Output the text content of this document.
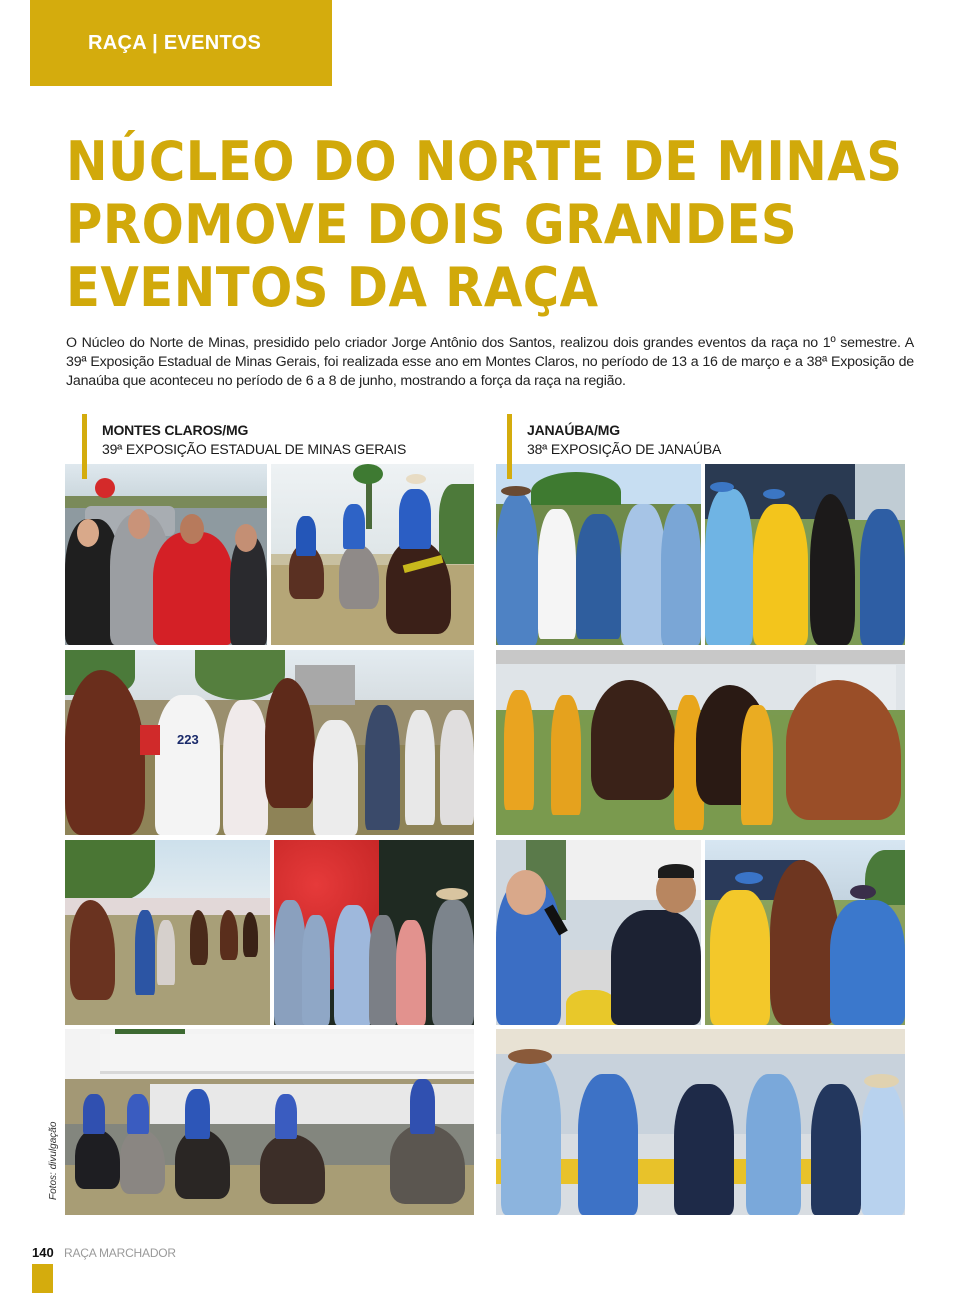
RAÇA | EVENTOS
NÚCLEO DO NORTE DE MINAS
PROMOVE DOIS GRANDES
EVENTOS DA RAÇA

O Núcleo do Norte de Minas, presidido pelo criador Jorge Antônio dos Santos, realizou dois grandes eventos da raça no 1º semestre. A 39ª Exposição Estadual de Minas Gerais, foi realizada esse ano em Montes Claros, no período de 13 a 16 de março e a 38ª Exposição de Janaúba que aconteceu no período de 6 a 8 de junho, mostrando a força da raça na região.

MONTES CLAROS/MG
39ª EXPOSIÇÃO ESTADUAL DE MINAS GERAIS
JANAÚBA/MG
38ª EXPOSIÇÃO DE JANAÚBA
223
Fotos: divulgação
140 RAÇA MARCHADOR
